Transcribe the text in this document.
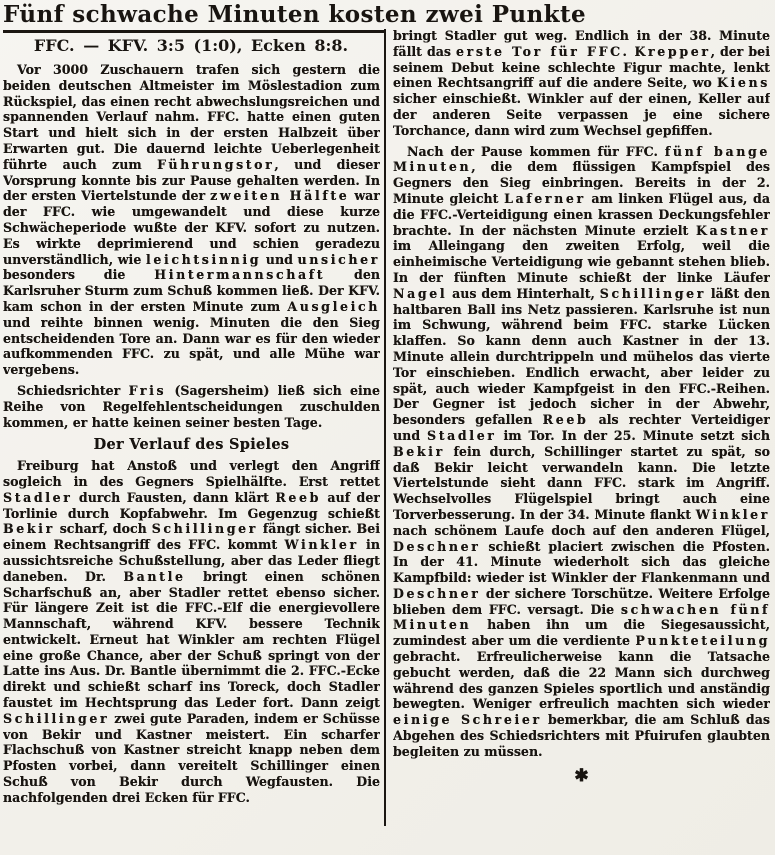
Fünf schwache Minuten kosten zwei Punkte
FFC. — KFV. 3:5 (1:0), Ecken 8:8.

Vor 3000 Zuschauern trafen sich gestern die beiden deutschen Altmeister im Möslestadion zum Rückspiel, das einen recht abwechslungsreichen und spannenden Verlauf nahm. FFC. hatte einen guten Start und hielt sich in der ersten Halbzeit über Erwarten gut. Die dauernd leichte Ueberlegenheit führte auch zum Führungstor, und dieser Vorsprung konnte bis zur Pause gehalten werden. In der ersten Viertelstunde der zweiten Hälfte war der FFC. wie umgewandelt und diese kurze Schwächeperiode wußte der KFV. sofort zu nutzen. Es wirkte deprimierend und schien geradezu unverständlich, wie leichtsinnig und unsicher besonders die Hintermannschaft den Karlsruher Sturm zum Schuß kommen ließ. Der KFV. kam schon in der ersten Minute zum Ausgleich und reihte binnen wenig. Minuten die den Sieg entscheidenden Tore an. Dann war es für den wieder aufkommenden FFC. zu spät, und alle Mühe war vergebens.

Schiedsrichter Fris (Sagersheim) ließ sich eine Reihe von Regelfehlentscheidungen zuschulden kommen, er hatte keinen seiner besten Tage.

Der Verlauf des Spieles

Freiburg hat Anstoß und verlegt den Angriff sogleich in des Gegners Spielhälfte. Erst rettet Stadler durch Fausten, dann klärt Reeb auf der Torlinie durch Kopfabwehr. Im Gegenzug schießt Bekir scharf, doch Schillinger fängt sicher. Bei einem Rechtsangriff des FFC. kommt Winkler in aussichtsreiche Schußstellung, aber das Leder fliegt daneben. Dr. Bantle bringt einen schönen Scharfschuß an, aber Stadler rettet ebenso sicher. Für längere Zeit ist die FFC.-Elf die energievollere Mannschaft, während KFV. bessere Technik entwickelt. Erneut hat Winkler am rechten Flügel eine große Chance, aber der Schuß springt von der Latte ins Aus. Dr. Bantle übernimmt die 2. FFC.-Ecke direkt und schießt scharf ins Toreck, doch Stadler faustet im Hechtsprung das Leder fort. Dann zeigt Schillinger zwei gute Paraden, indem er Schüsse von Bekir und Kastner meistert. Ein scharfer Flachschuß von Kastner streicht knapp neben dem Pfosten vorbei, dann vereitelt Schillinger einen Schuß von Bekir durch Wegfausten. Die nachfolgenden drei Ecken für FFC.

bringt Stadler gut weg. Endlich in der 38. Minute fällt das erste Tor für FFC. Krepper, der bei seinem Debut keine schlechte Figur machte, lenkt einen Rechtsangriff auf die andere Seite, wo Kiens sicher einschießt. Winkler auf der einen, Keller auf der anderen Seite verpassen je eine sichere Torchance, dann wird zum Wechsel gepfiffen.

Nach der Pause kommen für FFC. fünf bange Minuten, die dem flüssigen Kampfspiel des Gegners den Sieg einbringen. Bereits in der 2. Minute gleicht Laferner am linken Flügel aus, da die FFC.-Verteidigung einen krassen Deckungsfehler brachte. In der nächsten Minute erzielt Kastner im Alleingang den zweiten Erfolg, weil die einheimische Verteidigung wie gebannt stehen blieb. In der fünften Minute schießt der linke Läufer Nagel aus dem Hinterhalt, Schillinger läßt den haltbaren Ball ins Netz passieren. Karlsruhe ist nun im Schwung, während beim FFC. starke Lücken klaffen. So kann denn auch Kastner in der 13. Minute allein durchtrippeln und mühelos das vierte Tor einschieben. Endlich erwacht, aber leider zu spät, auch wieder Kampfgeist in den FFC.-Reihen. Der Gegner ist jedoch sicher in der Abwehr, besonders gefallen Reeb als rechter Verteidiger und Stadler im Tor. In der 25. Minute setzt sich Bekir fein durch, Schillinger startet zu spät, so daß Bekir leicht verwandeln kann. Die letzte Viertelstunde sieht dann FFC. stark im Angriff. Wechselvolles Flügelspiel bringt auch eine Torverbesserung. In der 34. Minute flankt Winkler nach schönem Laufe doch auf den anderen Flügel, Deschner schießt placiert zwischen die Pfosten. In der 41. Minute wiederholt sich das gleiche Kampfbild: wieder ist Winkler der Flankenmann und Deschner der sichere Torschütze. Weitere Erfolge blieben dem FFC. versagt. Die schwachen fünf Minuten haben ihn um die Siegesaussicht, zumindest aber um die verdiente Punkteteilung gebracht. Erfreulicherweise kann die Tatsache gebucht werden, daß die 22 Mann sich durchweg während des ganzen Spieles sportlich und anständig bewegten. Weniger erfreulich machten sich wieder einige Schreier bemerkbar, die am Schluß das Abgehen des Schiedsrichters mit Pfuirufen glaubten begleiten zu müssen.

✱
